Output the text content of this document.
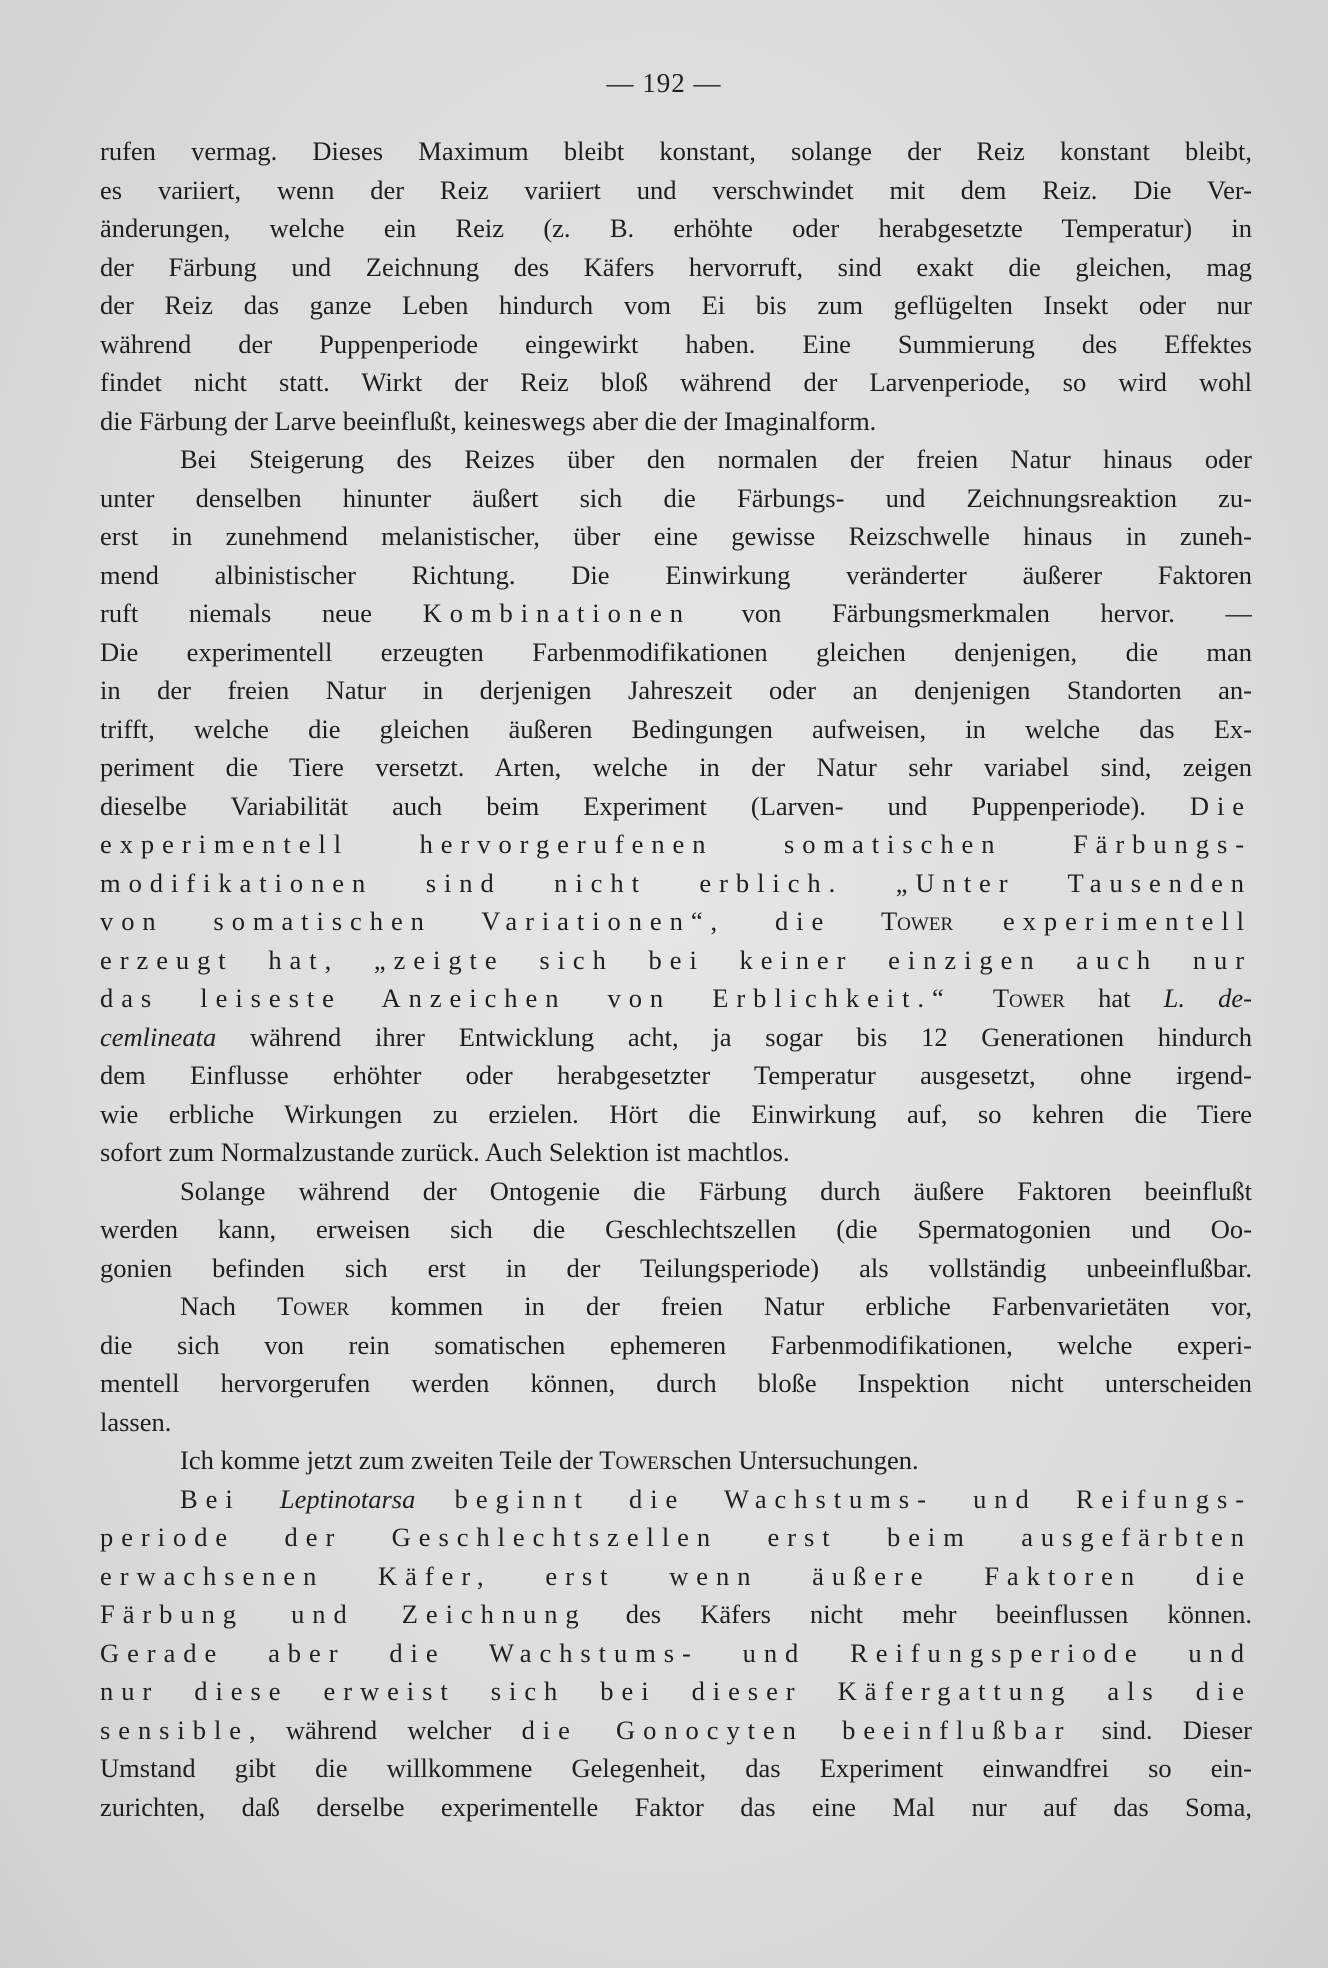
— 192 —
rufen vermag. Dieses Maximum bleibt konstant, solange der Reiz konstant bleibt,
es variiert, wenn der Reiz variiert und verschwindet mit dem Reiz. Die Ver-
änderungen, welche ein Reiz (z. B. erhöhte oder herabgesetzte Temperatur) in
der Färbung und Zeichnung des Käfers hervorruft, sind exakt die gleichen, mag
der Reiz das ganze Leben hindurch vom Ei bis zum geflügelten Insekt oder nur
während der Puppenperiode eingewirkt haben. Eine Summierung des Effektes
findet nicht statt. Wirkt der Reiz bloß während der Larvenperiode, so wird wohl
die Färbung der Larve beeinflußt, keineswegs aber die der Imaginalform.
Bei Steigerung des Reizes über den normalen der freien Natur hinaus oder
unter denselben hinunter äußert sich die Färbungs- und Zeichnungsreaktion zu-
erst in zunehmend melanistischer, über eine gewisse Reizschwelle hinaus in zuneh-
mend albinistischer Richtung. Die Einwirkung veränderter äußerer Faktoren
ruft niemals neue Kombinationen von Färbungsmerkmalen hervor. —
Die experimentell erzeugten Farbenmodifikationen gleichen denjenigen, die man
in der freien Natur in derjenigen Jahreszeit oder an denjenigen Standorten an-
trifft, welche die gleichen äußeren Bedingungen aufweisen, in welche das Ex-
periment die Tiere versetzt. Arten, welche in der Natur sehr variabel sind, zeigen
dieselbe Variabilität auch beim Experiment (Larven- und Puppenperiode). Die
experimentell hervorgerufenen somatischen Färbungs-
modifikationen sind nicht erblich. „Unter Tausenden
von somatischen Variationen“, die Tower experimentell
erzeugt hat, „zeigte sich bei keiner einzigen auch nur
das leiseste Anzeichen von Erblichkeit.“ Tower hat L. de-
cemlineata während ihrer Entwicklung acht, ja sogar bis 12 Generationen hindurch
dem Einflusse erhöhter oder herabgesetzter Temperatur ausgesetzt, ohne irgend-
wie erbliche Wirkungen zu erzielen. Hört die Einwirkung auf, so kehren die Tiere
sofort zum Normalzustande zurück. Auch Selektion ist machtlos.
Solange während der Ontogenie die Färbung durch äußere Faktoren beeinflußt
werden kann, erweisen sich die Geschlechtszellen (die Spermatogonien und Oo-
gonien befinden sich erst in der Teilungsperiode) als vollständig unbeeinflußbar.
Nach Tower kommen in der freien Natur erbliche Farbenvarietäten vor,
die sich von rein somatischen ephemeren Farbenmodifikationen, welche experi-
mentell hervorgerufen werden können, durch bloße Inspektion nicht unterscheiden
lassen.
Ich komme jetzt zum zweiten Teile der Towerschen Untersuchungen.
Bei Leptinotarsa beginnt die Wachstums- und Reifungs-
periode der Geschlechtszellen erst beim ausgefärbten
erwachsenen Käfer, erst wenn äußere Faktoren die
Färbung und Zeichnung des Käfers nicht mehr beeinflussen können.
Gerade aber die Wachstums- und Reifungsperiode und
nur diese erweist sich bei dieser Käfergattung als die
sensible, während welcher die Gonocyten beeinflußbar sind. Dieser
Umstand gibt die willkommene Gelegenheit, das Experiment einwandfrei so ein-
zurichten, daß derselbe experimentelle Faktor das eine Mal nur auf das Soma,
